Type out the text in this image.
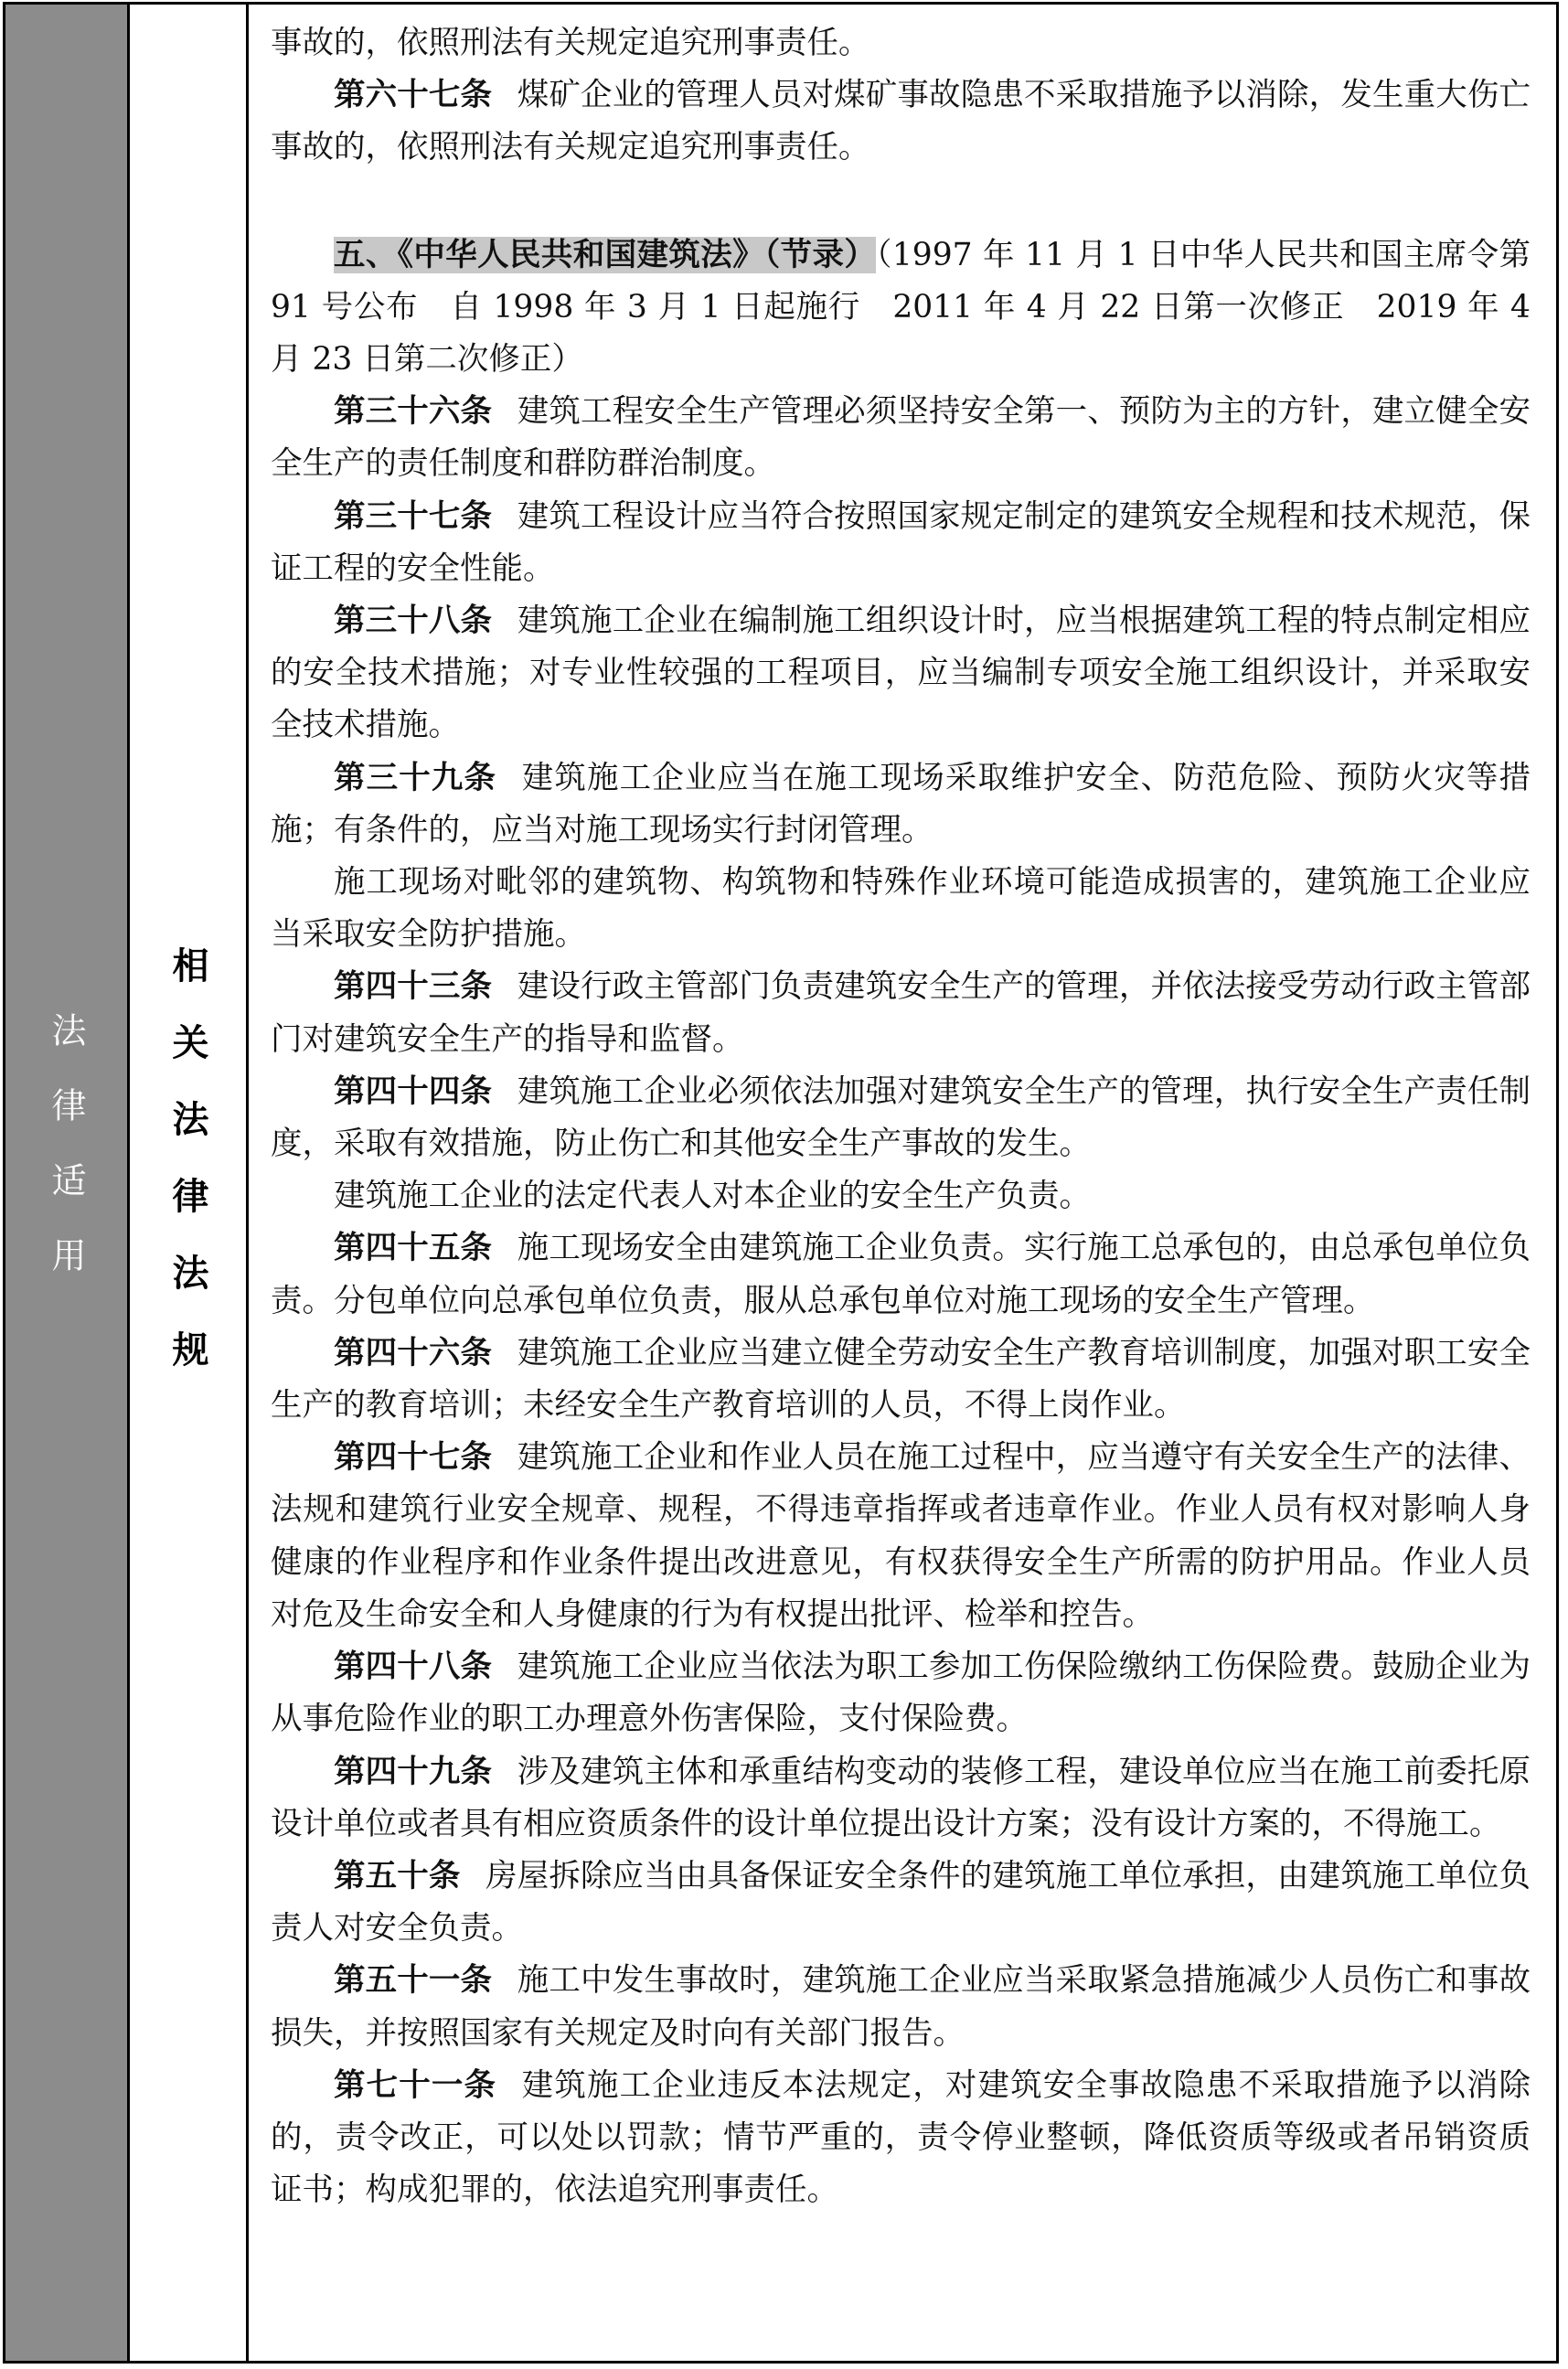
法律适用 相关法律法规

事故的，依照刑法有关规定追究刑事责任。

第六十七条 煤矿企业的管理人员对煤矿事故隐患不采取措施予以消除，发生重大伤亡事故的，依照刑法有关规定追究刑事责任。

五、《中华人民共和国建筑法》（节录）（1997 年 11 月 1 日中华人民共和国主席令第 91 号公布　自 1998 年 3 月 1 日起施行　2011 年 4 月 22 日第一次修正　2019 年 4 月 23 日第二次修正）

第三十六条 建筑工程安全生产管理必须坚持安全第一、预防为主的方针，建立健全安全生产的责任制度和群防群治制度。

第三十七条 建筑工程设计应当符合按照国家规定制定的建筑安全规程和技术规范，保证工程的安全性能。

第三十八条 建筑施工企业在编制施工组织设计时，应当根据建筑工程的特点制定相应的安全技术措施；对专业性较强的工程项目，应当编制专项安全施工组织设计，并采取安全技术措施。

第三十九条 建筑施工企业应当在施工现场采取维护安全、防范危险、预防火灾等措施；有条件的，应当对施工现场实行封闭管理。

施工现场对毗邻的建筑物、构筑物和特殊作业环境可能造成损害的，建筑施工企业应当采取安全防护措施。

第四十三条 建设行政主管部门负责建筑安全生产的管理，并依法接受劳动行政主管部门对建筑安全生产的指导和监督。

第四十四条 建筑施工企业必须依法加强对建筑安全生产的管理，执行安全生产责任制度，采取有效措施，防止伤亡和其他安全生产事故的发生。

建筑施工企业的法定代表人对本企业的安全生产负责。

第四十五条 施工现场安全由建筑施工企业负责。实行施工总承包的，由总承包单位负责。分包单位向总承包单位负责，服从总承包单位对施工现场的安全生产管理。

第四十六条 建筑施工企业应当建立健全劳动安全生产教育培训制度，加强对职工安全生产的教育培训；未经安全生产教育培训的人员，不得上岗作业。

第四十七条 建筑施工企业和作业人员在施工过程中，应当遵守有关安全生产的法律、法规和建筑行业安全规章、规程，不得违章指挥或者违章作业。作业人员有权对影响人身健康的作业程序和作业条件提出改进意见，有权获得安全生产所需的防护用品。作业人员对危及生命安全和人身健康的行为有权提出批评、检举和控告。

第四十八条 建筑施工企业应当依法为职工参加工伤保险缴纳工伤保险费。鼓励企业为从事危险作业的职工办理意外伤害保险，支付保险费。

第四十九条 涉及建筑主体和承重结构变动的装修工程，建设单位应当在施工前委托原设计单位或者具有相应资质条件的设计单位提出设计方案；没有设计方案的，不得施工。

第五十条 房屋拆除应当由具备保证安全条件的建筑施工单位承担，由建筑施工单位负责人对安全负责。

第五十一条 施工中发生事故时，建筑施工企业应当采取紧急措施减少人员伤亡和事故损失，并按照国家有关规定及时向有关部门报告。

第七十一条 建筑施工企业违反本法规定，对建筑安全事故隐患不采取措施予以消除的，责令改正，可以处以罚款；情节严重的，责令停业整顿，降低资质等级或者吊销资质证书；构成犯罪的，依法追究刑事责任。
